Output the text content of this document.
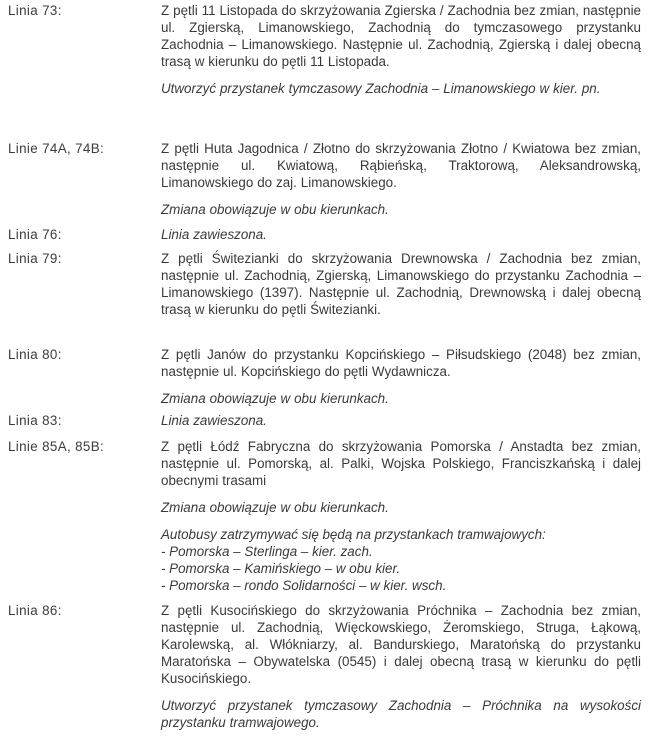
Linia 73:	Z pętli 11 Listopada do skrzyżowania Zgierska / Zachodnia bez zmian, następnie ul. Zgierską, Limanowskiego, Zachodnią do tymczasowego przystanku Zachodnia – Limanowskiego. Następnie ul. Zachodnią, Zgierską i dalej obecną trasą w kierunku do pętli 11 Listopada.

Utworzyć przystanek tymczasowy Zachodnia – Limanowskiego w kier. pn.

Linie 74A, 74B:	Z pętli Huta Jagodnica / Złotno do skrzyżowania Złotno / Kwiatowa bez zmian, następnie ul. Kwiatową, Rąbieńską, Traktorową, Aleksandrowską, Limanowskiego do zaj. Limanowskiego.

Zmiana obowiązuje w obu kierunkach.

Linia 76:	Linia zawieszona.

Linia 79:	Z pętli Świtezianki do skrzyżowania Drewnowska / Zachodnia bez zmian, następnie ul. Zachodnią, Zgierską, Limanowskiego do przystanku Zachodnia – Limanowskiego (1397). Następnie ul. Zachodnią, Drewnowską i dalej obecną trasą w kierunku do pętli Świtezianki.

Linia 80:	Z pętli Janów do przystanku Kopcińskiego – Piłsudskiego (2048) bez zmian, następnie ul. Kopcińskiego do pętli Wydawnicza.

Zmiana obowiązuje w obu kierunkach.

Linia 83:	Linia zawieszona.

Linie 85A, 85B:	Z pętli Łódź Fabryczna do skrzyżowania Pomorska / Anstadta bez zmian, następnie ul. Pomorską, al. Palki, Wojska Polskiego, Franciszkańską i dalej obecnymi trasami

Zmiana obowiązuje w obu kierunkach.

Autobusy zatrzymywać się będą na przystankach tramwajowych:

- Pomorska – Sterlinga – kier. zach.

- Pomorska – Kamińskiego – w obu kier.

- Pomorska – rondo Solidarności – w kier. wsch.

Linia 86:	Z pętli Kusocińskiego do skrzyżowania Próchnika – Zachodnia bez zmian, następnie ul. Zachodnią, Więckowskiego, Żeromskiego, Struga, Łąkową, Karolewską, al. Włókniarzy, al. Bandurskiego, Maratońską do przystanku Maratońska – Obywatelska (0545) i dalej obecną trasą w kierunku do pętli Kusocińskiego.

Utworzyć przystanek tymczasowy Zachodnia – Próchnika na wysokości przystanku tramwajowego.
